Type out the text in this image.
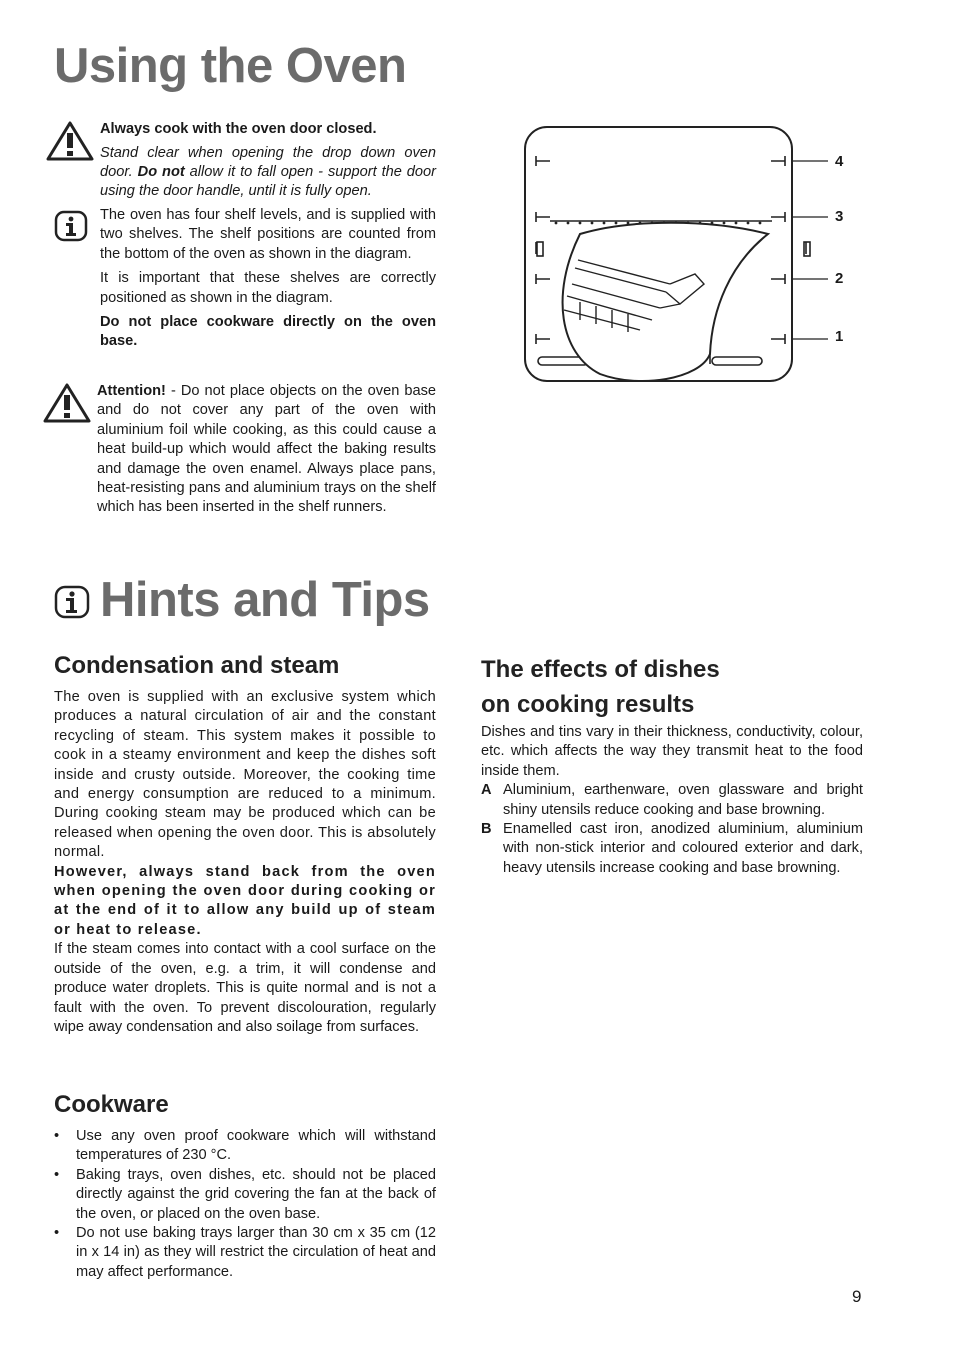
Using the Oven

Always cook with the oven door closed.

Stand clear when opening the drop down oven door. Do not allow it to fall open - support the door using the door handle, until it is fully open.

The oven has four shelf levels, and is supplied with two shelves. The shelf positions are counted from the bottom of the oven as shown in the diagram.

It is important that these shelves are correctly positioned as shown in the diagram.

Do not place cookware directly on the oven base.

Attention! - Do not place objects on the oven base and do not cover any part of the oven with aluminium foil while cooking, as this could cause a heat build-up which would affect the baking results and damage the oven enamel. Always place pans, heat-resisting pans and aluminium trays on the shelf which has been inserted in the shelf runners.

4
3
2
1
Hints and Tips
Condensation and steam

The oven is supplied with an exclusive system which produces a natural circulation of air and the constant recycling of steam. This system makes it possible to cook in a steamy environment and keep the dishes soft inside and crusty outside. Moreover, the cooking time and energy consumption are reduced to a minimum. During cooking steam may be produced which can be released when opening the oven door. This is absolutely normal.

However, always stand back from the oven when opening the oven door during cooking or at the end of it to allow any build up of steam or heat to release.

If the steam comes into contact with a cool surface on the outside of the oven, e.g. a trim, it will condense and produce water droplets. This is quite normal and is not a fault with the oven. To prevent discolouration, regularly wipe away condensation and also soilage from surfaces.

Cookware
• Use any oven proof cookware which will withstand temperatures of 230 °C.
• Baking trays, oven dishes, etc. should not be placed directly against the grid covering the fan at the back of the oven, or placed on the oven base.
• Do not use baking trays larger than 30 cm x 35 cm (12 in x 14 in) as they will restrict the circulation of heat and may affect performance.
The effects of dishes
on cooking results

Dishes and tins vary in their thickness, conductivity, colour, etc. which affects the way they transmit heat to the food inside them.

A Aluminium, earthenware, oven glassware and bright shiny utensils reduce cooking and base browning.
B Enamelled cast iron, anodized aluminium, aluminium with non-stick interior and coloured exterior and dark, heavy utensils increase cooking and base browning.
9
